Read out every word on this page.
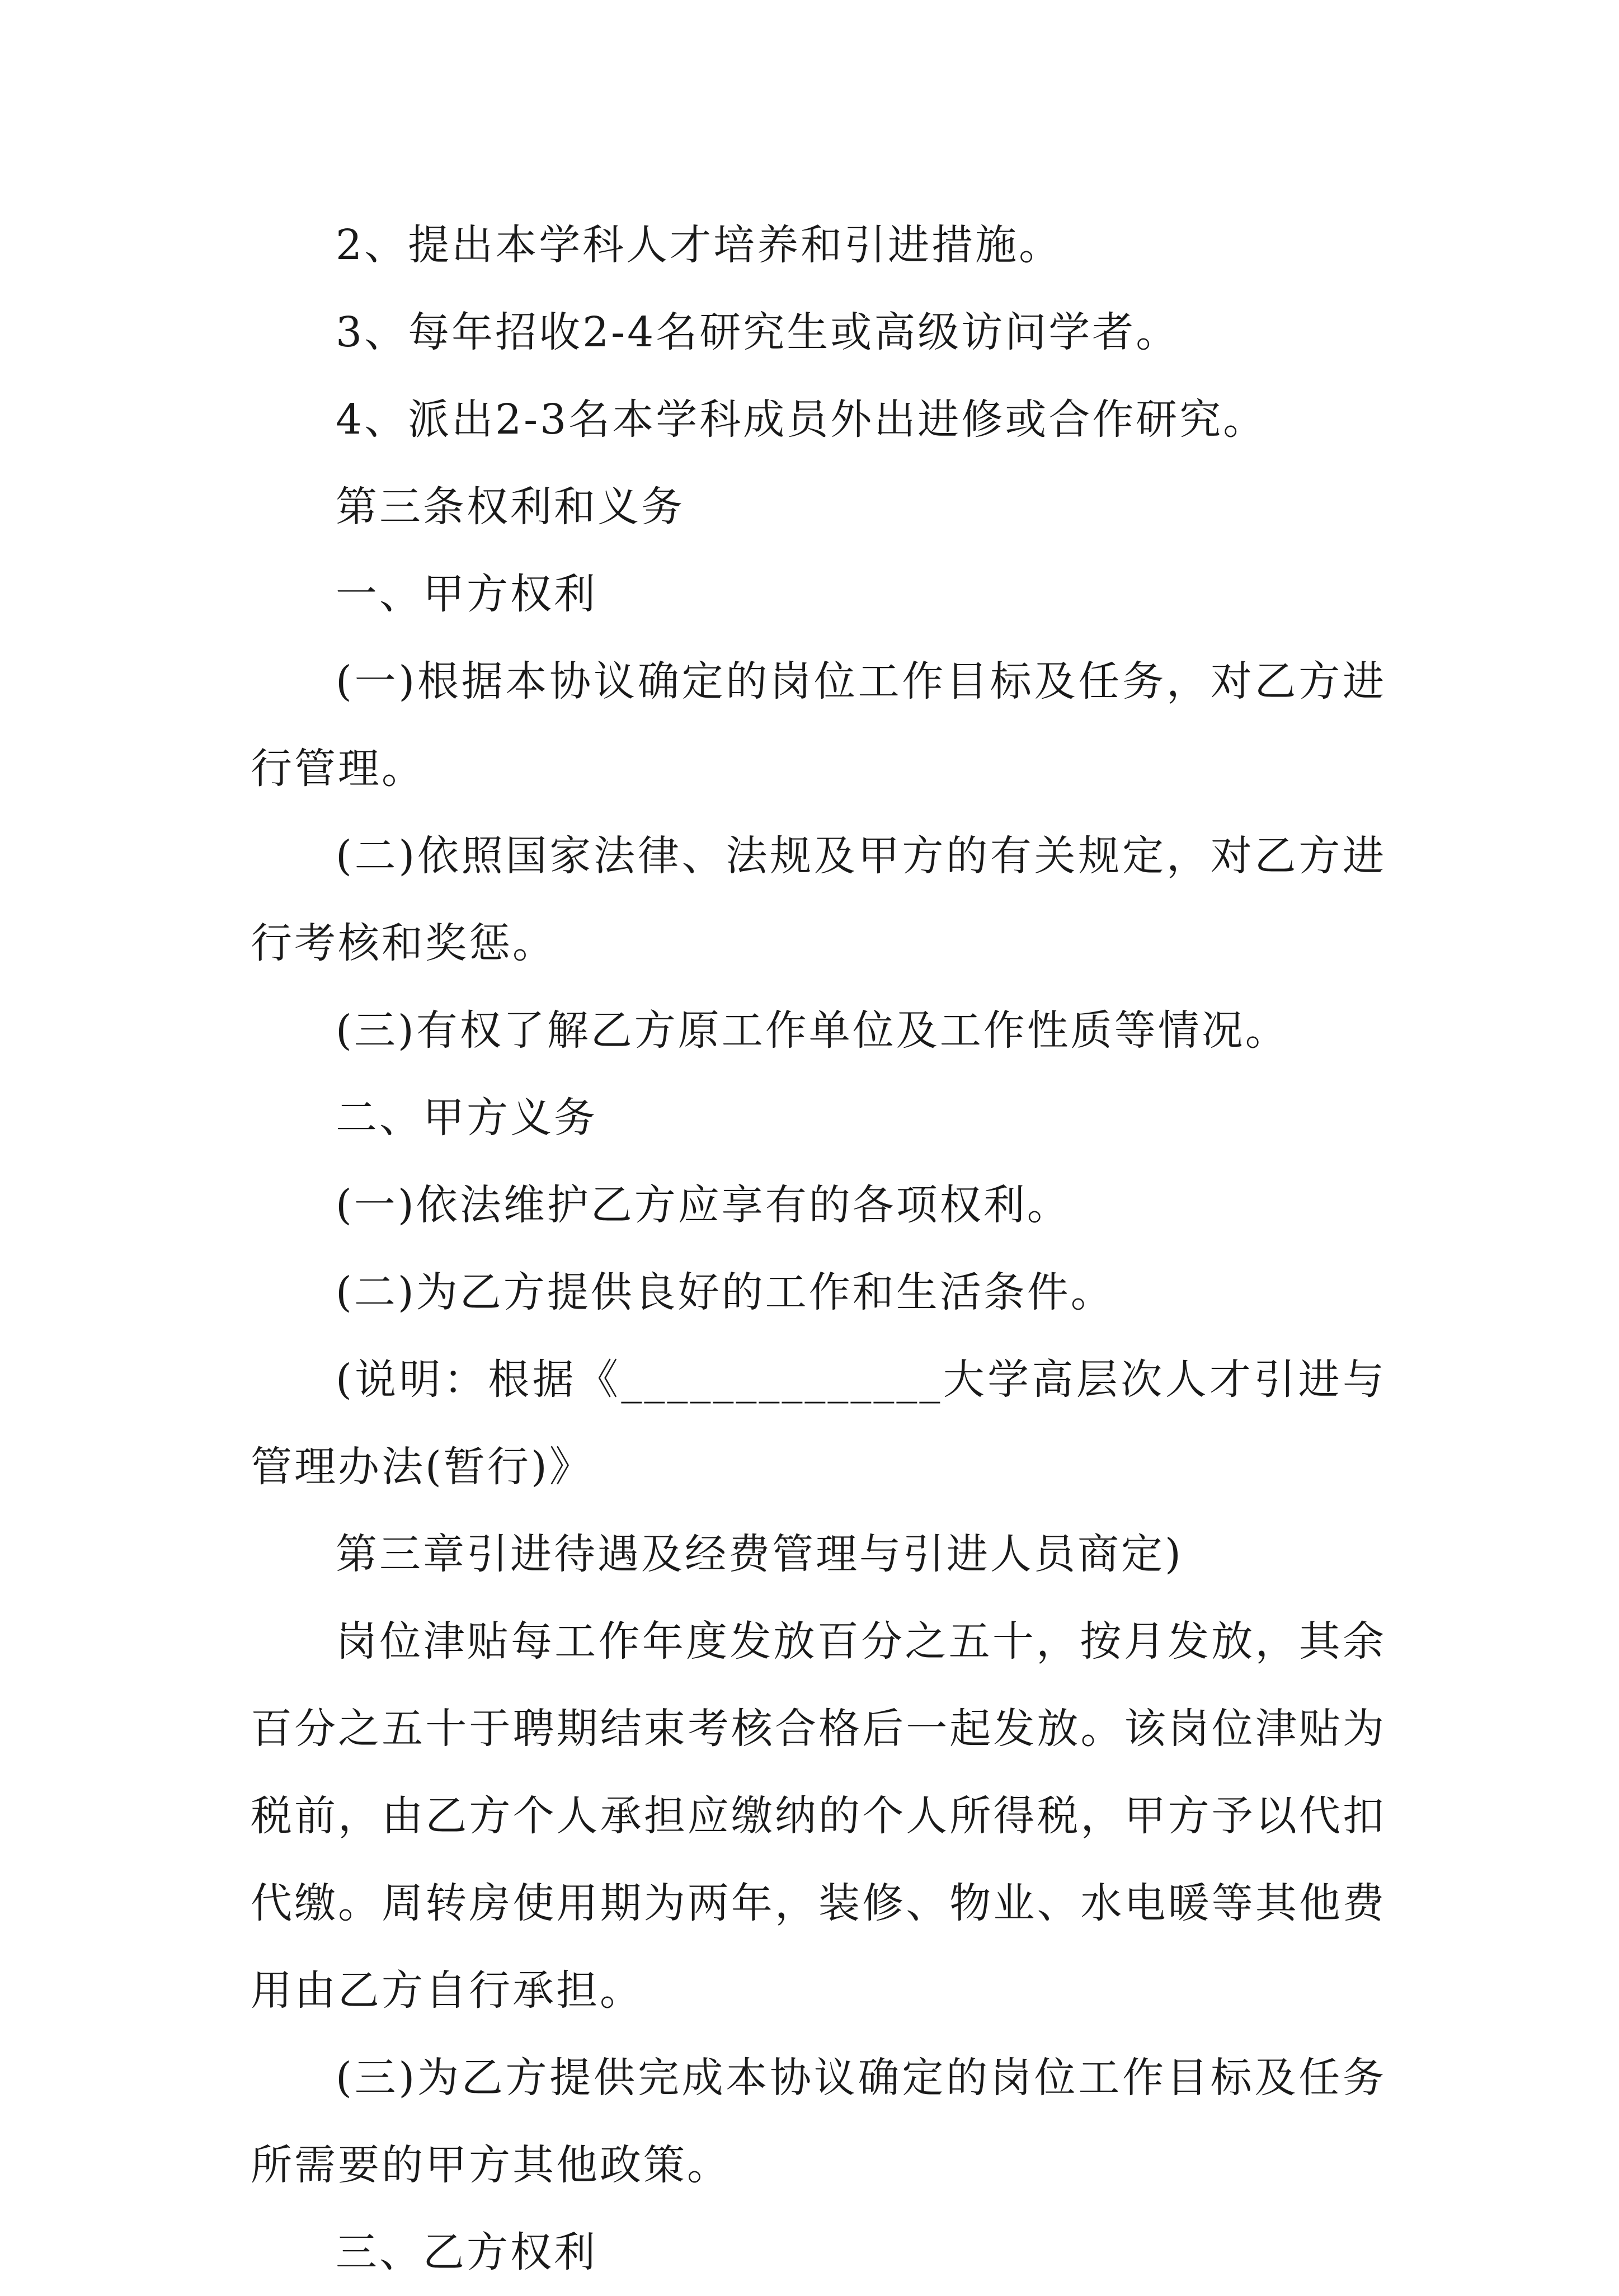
2、提出本学科人才培养和引进措施。

3、每年招收2-4名研究生或高级访问学者。

4、派出2-3名本学科成员外出进修或合作研究。

第三条权利和义务

一、甲方权利

(一)根据本协议确定的岗位工作目标及任务，对乙方进行管理。

(二)依照国家法律、法规及甲方的有关规定，对乙方进行考核和奖惩。

(三)有权了解乙方原工作单位及工作性质等情况。

二、甲方义务

(一)依法维护乙方应享有的各项权利。

(二)为乙方提供良好的工作和生活条件。

(说明：根据《______________大学高层次人才引进与管理办法(暂行)》

第三章引进待遇及经费管理与引进人员商定)

岗位津贴每工作年度发放百分之五十，按月发放，其余百分之五十于聘期结束考核合格后一起发放。该岗位津贴为税前，由乙方个人承担应缴纳的个人所得税，甲方予以代扣代缴。周转房使用期为两年，装修、物业、水电暖等其他费用由乙方自行承担。

(三)为乙方提供完成本协议确定的岗位工作目标及任务所需要的甲方其他政策。

三、乙方权利
